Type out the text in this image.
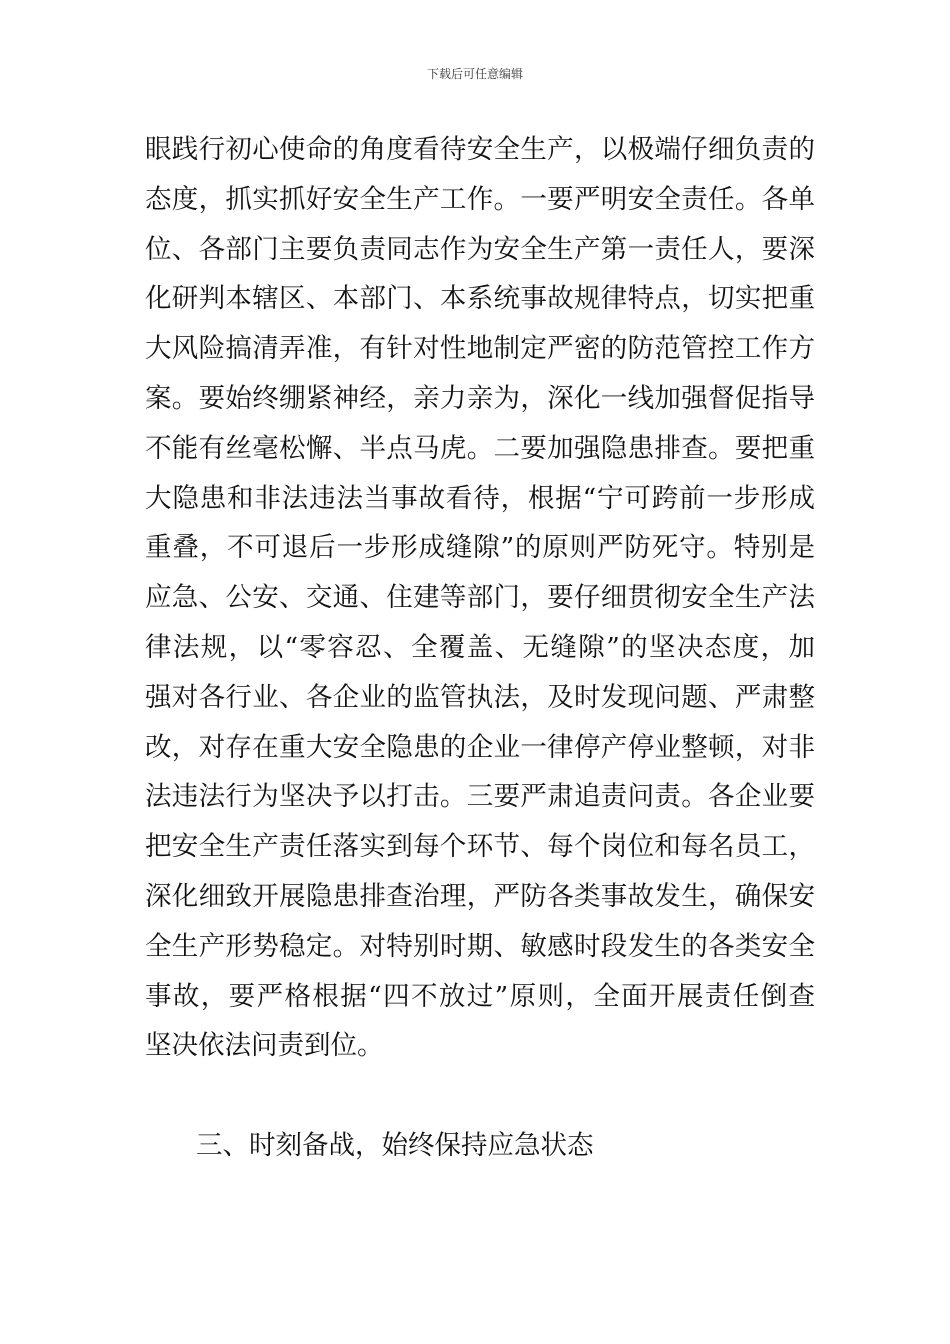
下载后可任意编辑
眼践行初心使命的角度看待安全生产，以极端仔细负责的
态度，抓实抓好安全生产工作。一要严明安全责任。各单
位、各部门主要负责同志作为安全生产第一责任人，要深
化研判本辖区、本部门、本系统事故规律特点，切实把重
大风险搞清弄准，有针对性地制定严密的防范管控工作方
案。要始终绷紧神经，亲力亲为，深化一线加强督促指导
不能有丝毫松懈、半点马虎。二要加强隐患排查。要把重
大隐患和非法违法当事故看待，根据“宁可跨前一步形成
重叠，不可退后一步形成缝隙”的原则严防死守。特别是
应急、公安、交通、住建等部门，要仔细贯彻安全生产法
律法规，以“零容忍、全覆盖、无缝隙”的坚决态度，加
强对各行业、各企业的监管执法，及时发现问题、严肃整
改，对存在重大安全隐患的企业一律停产停业整顿，对非
法违法行为坚决予以打击。三要严肃追责问责。各企业要
把安全生产责任落实到每个环节、每个岗位和每名员工，
深化细致开展隐患排查治理，严防各类事故发生，确保安
全生产形势稳定。对特别时期、敏感时段发生的各类安全
事故，要严格根据“四不放过”原则，全面开展责任倒查
坚决依法问责到位。
三、时刻备战，始终保持应急状态
